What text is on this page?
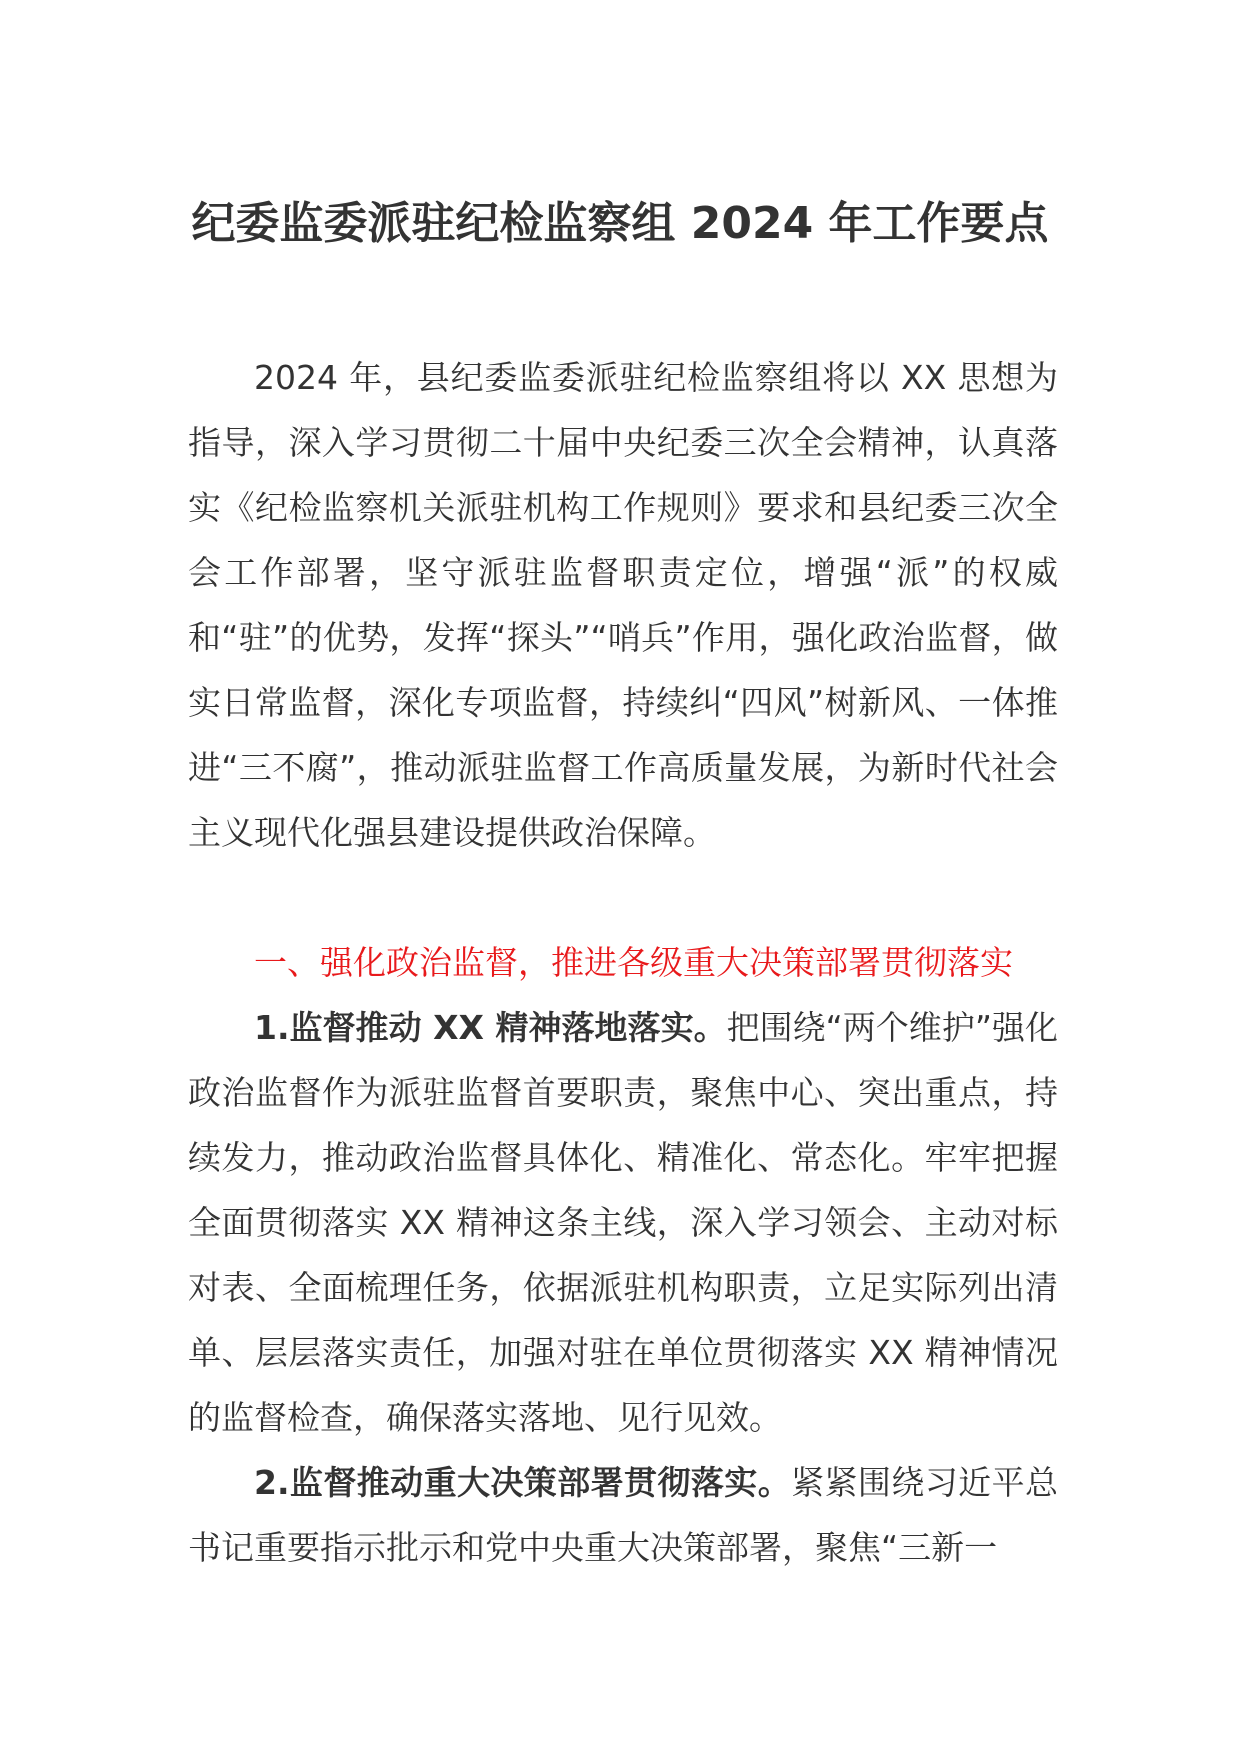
纪委监委派驻纪检监察组 2024 年工作要点

2024 年，县纪委监委派驻纪检监察组将以 XX 思想为指导，深入学习贯彻二十届中央纪委三次全会精神，认真落实《纪检监察机关派驻机构工作规则》要求和县纪委三次全会工作部署，坚守派驻监督职责定位，增强“派”的权威和“驻”的优势，发挥“探头”“哨兵”作用，强化政治监督，做实日常监督，深化专项监督，持续纠“四风”树新风、一体推进“三不腐”，推动派驻监督工作高质量发展，为新时代社会主义现代化强县建设提供政治保障。

一、强化政治监督，推进各级重大决策部署贯彻落实

1.监督推动 XX 精神落地落实。把围绕“两个维护”强化政治监督作为派驻监督首要职责，聚焦中心、突出重点，持续发力，推动政治监督具体化、精准化、常态化。牢牢把握全面贯彻落实 XX 精神这条主线，深入学习领会、主动对标对表、全面梳理任务，依据派驻机构职责，立足实际列出清单、层层落实责任，加强对驻在单位贯彻落实 XX 精神情况的监督检查，确保落实落地、见行见效。

2.监督推动重大决策部署贯彻落实。紧紧围绕习近平总书记重要指示批示和党中央重大决策部署，聚焦“三新一
